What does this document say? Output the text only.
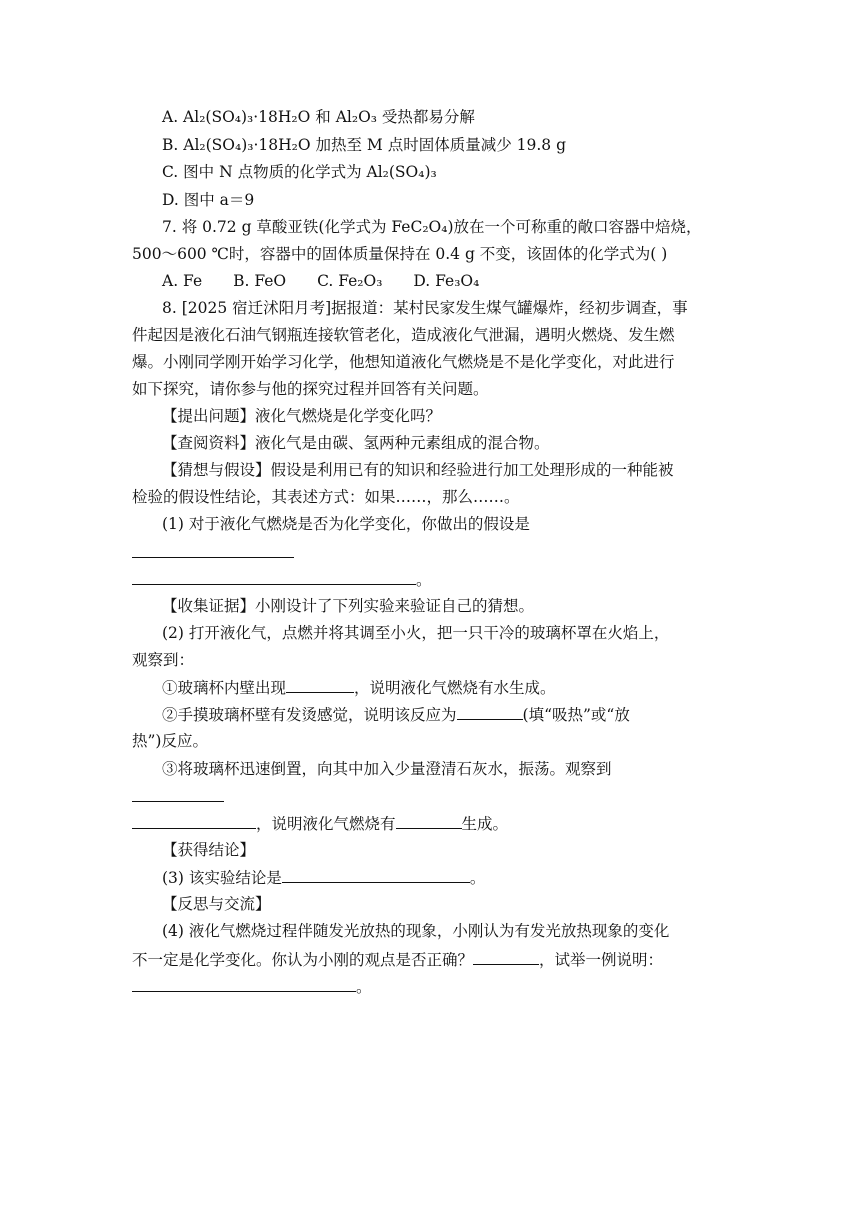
A. Al₂(SO₄)₃·18H₂O 和 Al₂O₃ 受热都易分解
B. Al₂(SO₄)₃·18H₂O 加热至 M 点时固体质量减少 19.8 g
C. 图中 N 点物质的化学式为 Al₂(SO₄)₃
D. 图中 a＝9
7. 将 0.72 g 草酸亚铁(化学式为 FeC₂O₄)放在一个可称重的敞口容器中焙烧，
500～600 ℃时，容器中的固体质量保持在 0.4 g 不变，该固体的化学式为( )
A. Fe B. FeO C. Fe₂O₃ D. Fe₃O₄
8. [2025 宿迁沭阳月考]据报道：某村民家发生煤气罐爆炸，经初步调查，事
件起因是液化石油气钢瓶连接软管老化，造成液化气泄漏，遇明火燃烧、发生燃
爆。小刚同学刚开始学习化学，他想知道液化气燃烧是不是化学变化，对此进行
如下探究，请你参与他的探究过程并回答有关问题。
【提出问题】液化气燃烧是化学变化吗？
【查阅资料】液化气是由碳、氢两种元素组成的混合物。
【猜想与假设】假设是利用已有的知识和经验进行加工处理形成的一种能被
检验的假设性结论，其表述方式：如果……，那么……。
(1) 对于液化气燃烧是否为化学变化，你做出的假设是
。
【收集证据】小刚设计了下列实验来验证自己的猜想。
(2) 打开液化气，点燃并将其调至小火，把一只干冷的玻璃杯罩在火焰上，
观察到：
①玻璃杯内壁出现	，说明液化气燃烧有水生成。
②手摸玻璃杯壁有发烫感觉，说明该反应为	(填“吸热”或“放
热”)反应。
③将玻璃杯迅速倒置，向其中加入少量澄清石灰水，振荡。观察到
，说明液化气燃烧有	生成。
【获得结论】
(3) 该实验结论是	。
【反思与交流】
(4) 液化气燃烧过程伴随发光放热的现象，小刚认为有发光放热现象的变化
不一定是化学变化。你认为小刚的观点是否正确？	，试举一例说明：
。
